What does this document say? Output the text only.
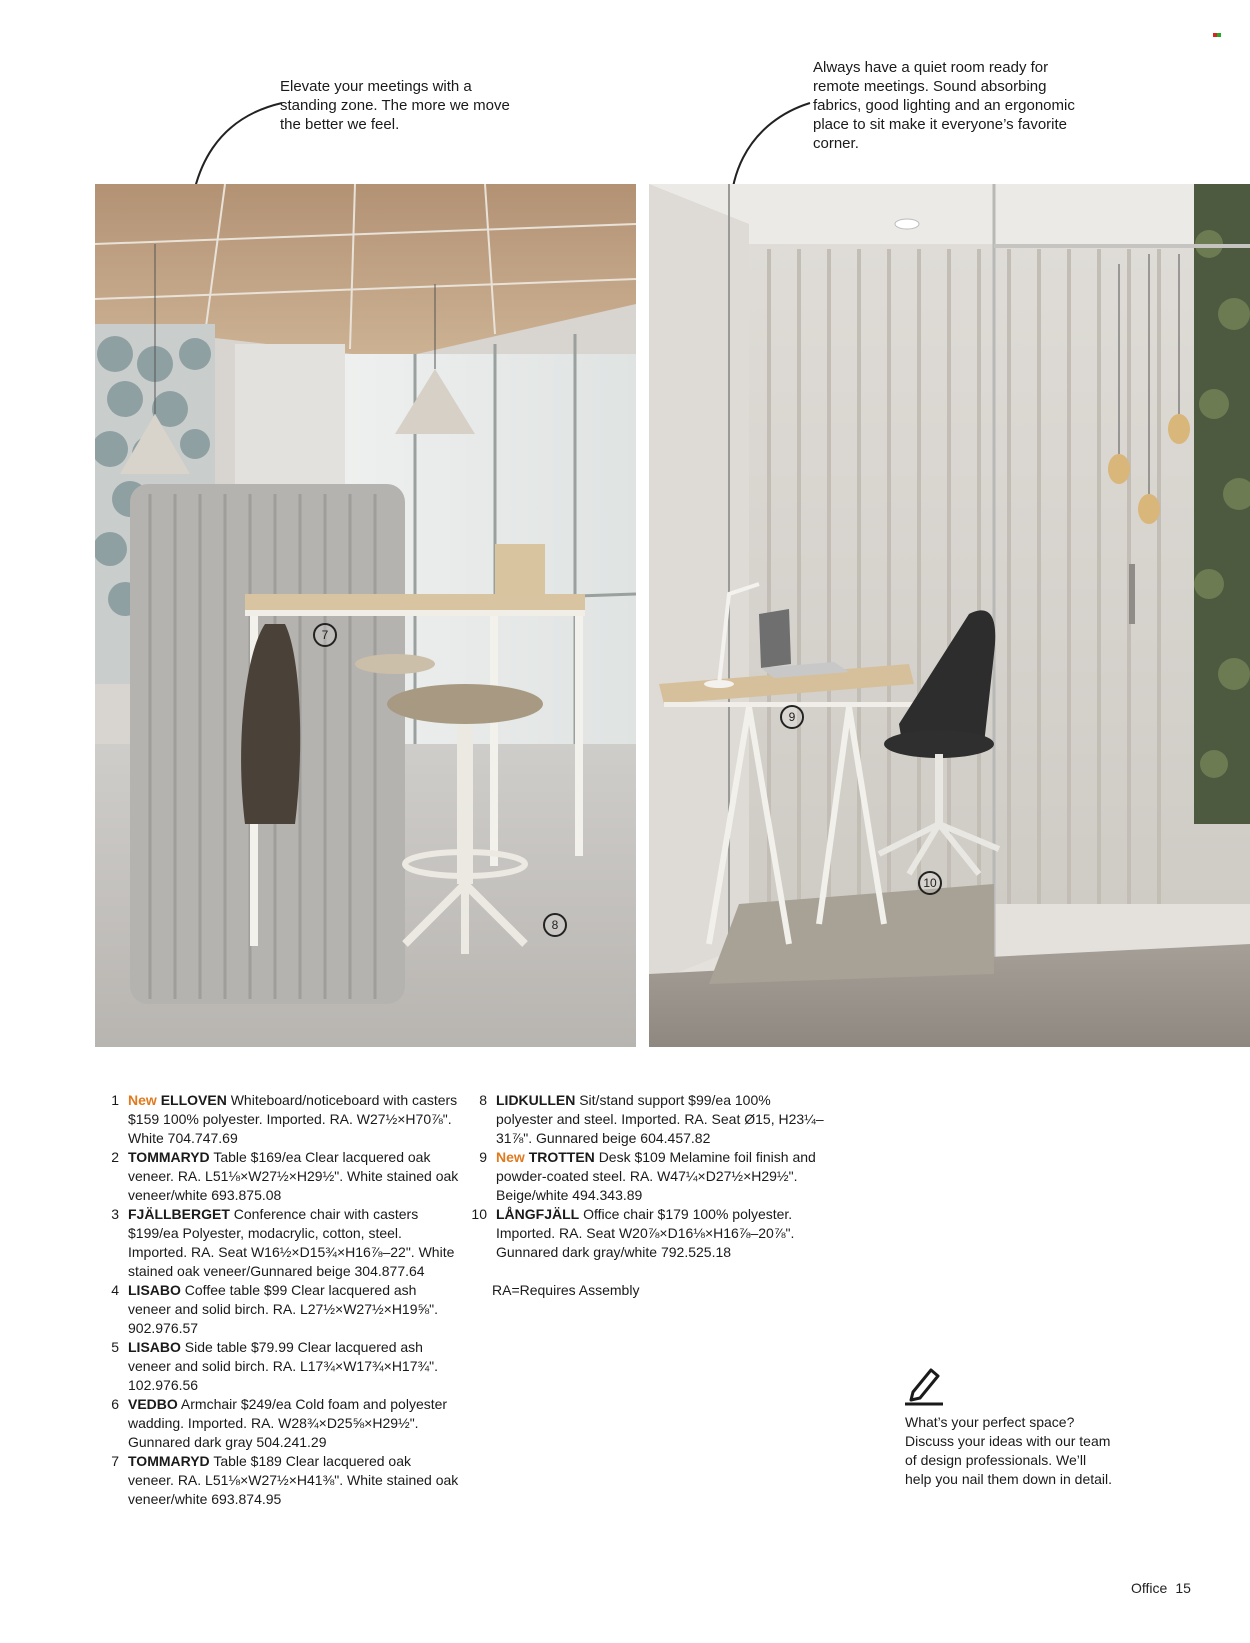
Elevate your meetings with a standing zone. The more we move the better we feel.
Always have a quiet room ready for remote meetings. Sound absorbing fabrics, good lighting and an ergonomic place to sit make it everyone’s favorite corner.
7
8
9
10
1 New ELLOVEN Whiteboard/noticeboard with casters $159 100% polyester. Imported. RA. W27½×H70⅞". White 704.747.69
2 TOMMARYD Table $169/ea Clear lacquered oak veneer. RA. L51⅛×W27½×H29½". White stained oak veneer/white 693.875.08
3 FJÄLLBERGET Conference chair with casters $199/ea Polyester, modacrylic, cotton, steel. Imported. RA. Seat W16½×D15¾×H16⅞–22". White stained oak veneer/Gunnared beige 304.877.64
4 LISABO Coffee table $99 Clear lacquered ash veneer and solid birch. RA. L27½×W27½×H19⅝". 902.976.57
5 LISABO Side table $79.99 Clear lacquered ash veneer and solid birch. RA. L17¾×W17¾×H17¾". 102.976.56
6 VEDBO Armchair $249/ea Cold foam and polyester wadding. Imported. RA. W28¾×D25⅝×H29½". Gunnared dark gray 504.241.29
7 TOMMARYD Table $189 Clear lacquered oak veneer. RA. L51⅛×W27½×H41⅜". White stained oak veneer/white 693.874.95
8 LIDKULLEN Sit/stand support $99/ea 100% polyester and steel. Imported. RA. Seat Ø15, H23¼–31⅞". Gunnared beige 604.457.82
9 New TROTTEN Desk $109 Melamine foil finish and powder-coated steel. RA. W47¼×D27½×H29½". Beige/white 494.343.89
10 LÅNGFJÄLL Office chair $179 100% polyester. Imported. RA. Seat W20⅞×D16⅛×H16⅞–20⅞". Gunnared dark gray/white 792.525.18
RA=Requires Assembly
What’s your perfect space? Discuss your ideas with our team of design professionals. We’ll help you nail them down in detail.
Office 15
